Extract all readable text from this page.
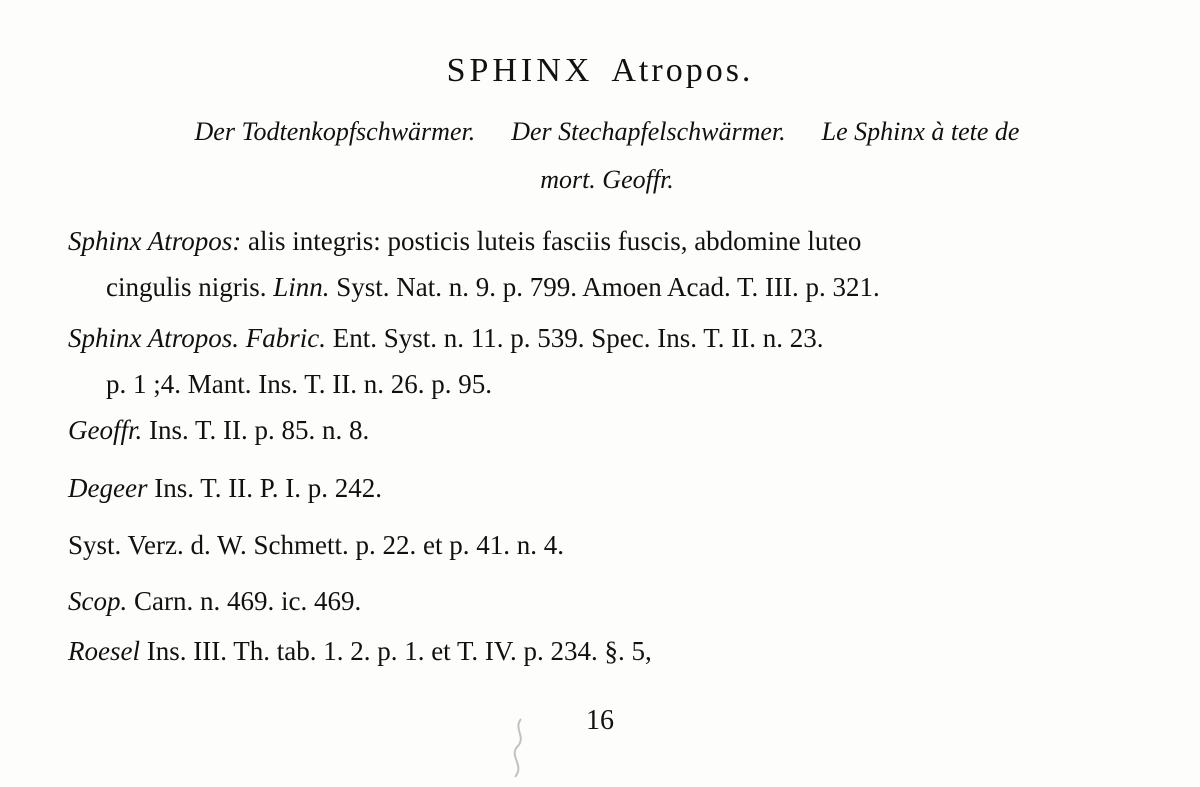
SPHINX Atropos.
Der Todtenkopfschwärmer. Der Stechapfelschwärmer. Le Sphinx à tete de
mort. Geoffr.
Sphinx Atropos: alis integris: posticis luteis fasciis fuscis, abdomine luteo
cingulis nigris. Linn. Syst. Nat. n. 9. p. 799. Amoen Acad. T. III. p. 321.
Sphinx Atropos. Fabric. Ent. Syst. n. 11. p. 539. Spec. Ins. T. II. n. 23.
p. 1 ;4. Mant. Ins. T. II. n. 26. p. 95.
Geoffr. Ins. T. II. p. 85. n. 8.
Degeer Ins. T. II. P. I. p. 242.
Syst. Verz. d. W. Schmett. p. 22. et p. 41. n. 4.
Scop. Carn. n. 469. ic. 469.
Roesel Ins. III. Th. tab. 1. 2. p. 1. et T. IV. p. 234. §. 5,
16
